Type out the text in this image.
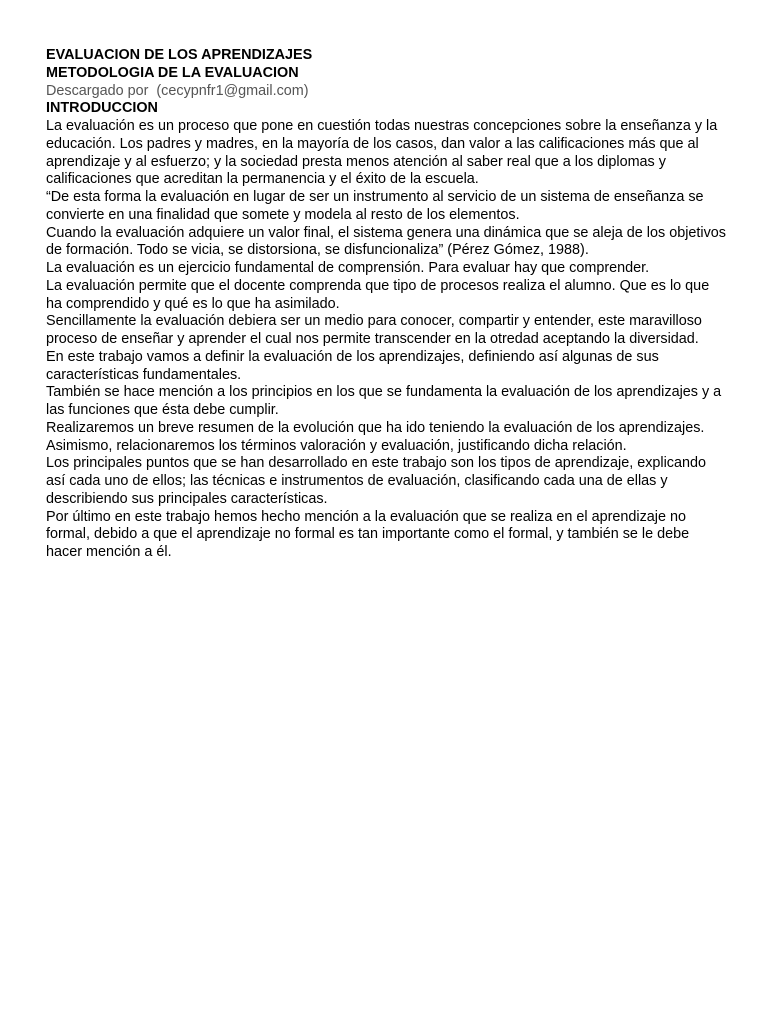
EVALUACION DE LOS APRENDIZAJES
METODOLOGIA DE LA EVALUACION
Descargado por  (cecypnfr1@gmail.com)
INTRODUCCION

La evaluación es un proceso que pone en cuestión todas nuestras concepciones sobre la enseñanza y la educación. Los padres y madres, en la mayoría de los casos, dan valor a las calificaciones más que al aprendizaje y al esfuerzo; y la sociedad presta menos atención al saber real que a los diplomas y calificaciones que acreditan la permanencia y el éxito de la escuela.

“De esta forma la evaluación en lugar de ser un instrumento al servicio de un sistema de enseñanza se convierte en una finalidad que somete y modela al resto de los elementos.

Cuando la evaluación adquiere un valor final, el sistema genera una dinámica que se aleja de los objetivos de formación. Todo se vicia, se distorsiona, se disfuncionaliza” (Pérez Gómez, 1988).

La evaluación es un ejercicio fundamental de comprensión. Para evaluar hay que comprender.

La evaluación permite que el docente comprenda que tipo de procesos realiza el alumno. Que es lo que ha comprendido y qué es lo que ha asimilado.

Sencillamente la evaluación debiera ser un medio para conocer, compartir y entender, este maravilloso proceso de enseñar y aprender el cual nos permite transcender en la otredad aceptando la diversidad.

En este trabajo vamos a definir la evaluación de los aprendizajes, definiendo así algunas de sus características fundamentales.

También se hace mención a los principios en los que se fundamenta la evaluación de los aprendizajes y a las funciones que ésta debe cumplir.

Realizaremos un breve resumen de la evolución que ha ido teniendo la evaluación de los aprendizajes.

Asimismo, relacionaremos los términos valoración y evaluación, justificando dicha relación.

Los principales puntos que se han desarrollado en este trabajo son los tipos de aprendizaje, explicando así cada uno de ellos; las técnicas e instrumentos de evaluación, clasificando cada una de ellas y describiendo sus principales características.

Por último en este trabajo hemos hecho mención a la evaluación que se realiza en el aprendizaje no formal, debido a que el aprendizaje no formal es tan importante como el formal, y también se le debe hacer mención a él.
